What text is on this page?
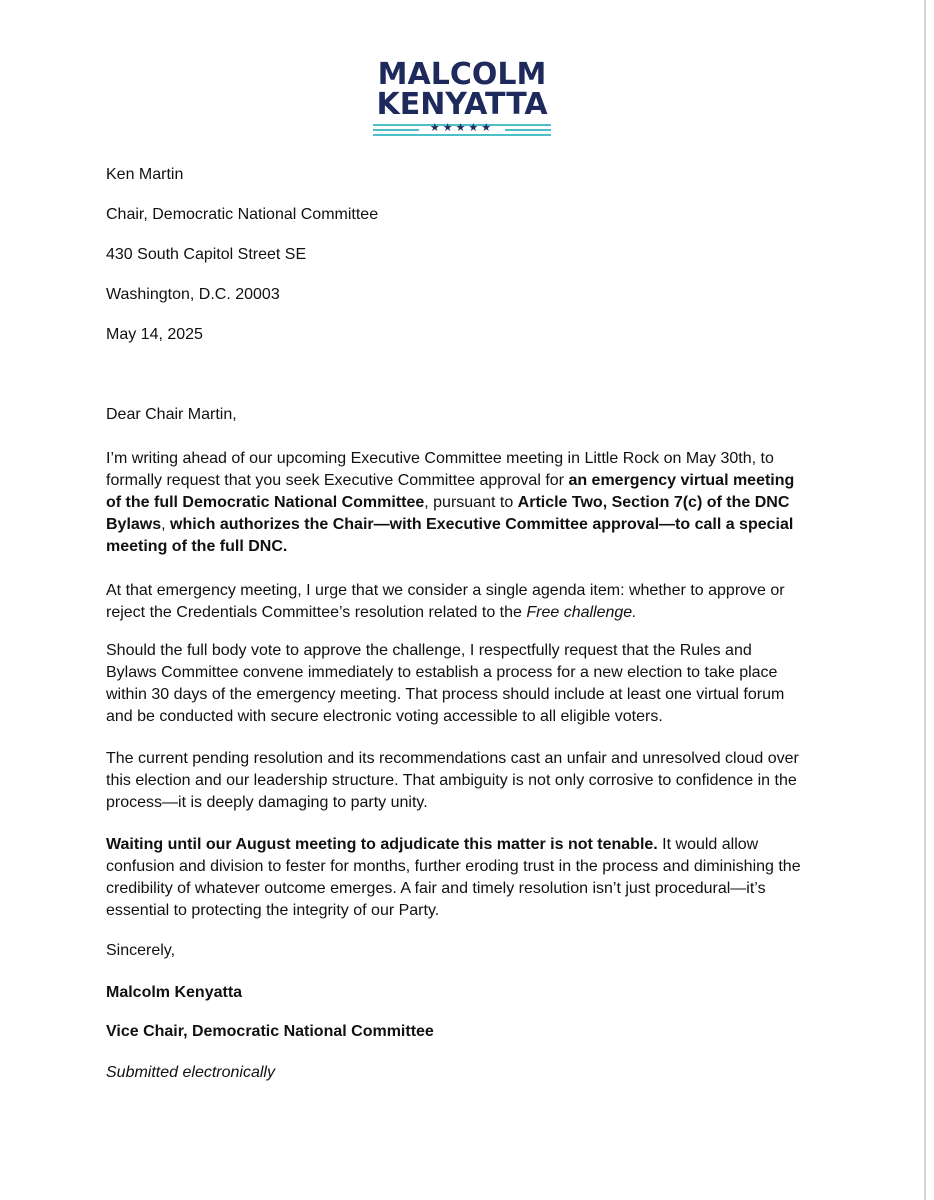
MALCOLM
KENYATTA
★★★★★

Ken Martin

Chair, Democratic National Committee

430 South Capitol Street SE

Washington, D.C. 20003

May 14, 2025

Dear Chair Martin,

I’m writing ahead of our upcoming Executive Committee meeting in Little Rock on May 30th, to formally request that you seek Executive Committee approval for an emergency virtual meeting of the full Democratic National Committee, pursuant to Article Two, Section 7(c) of the DNC Bylaws, which authorizes the Chair—with Executive Committee approval—to call a special meeting of the full DNC.

At that emergency meeting, I urge that we consider a single agenda item: whether to approve or reject the Credentials Committee’s resolution related to the Free challenge.

Should the full body vote to approve the challenge, I respectfully request that the Rules and Bylaws Committee convene immediately to establish a process for a new election to take place within 30 days of the emergency meeting. That process should include at least one virtual forum and be conducted with secure electronic voting accessible to all eligible voters.

The current pending resolution and its recommendations cast an unfair and unresolved cloud over this election and our leadership structure. That ambiguity is not only corrosive to confidence in the process—it is deeply damaging to party unity.

Waiting until our August meeting to adjudicate this matter is not tenable. It would allow confusion and division to fester for months, further eroding trust in the process and diminishing the credibility of whatever outcome emerges. A fair and timely resolution isn’t just procedural—it’s essential to protecting the integrity of our Party.

Sincerely,
Malcolm Kenyatta
Vice Chair, Democratic National Committee
Submitted electronically
